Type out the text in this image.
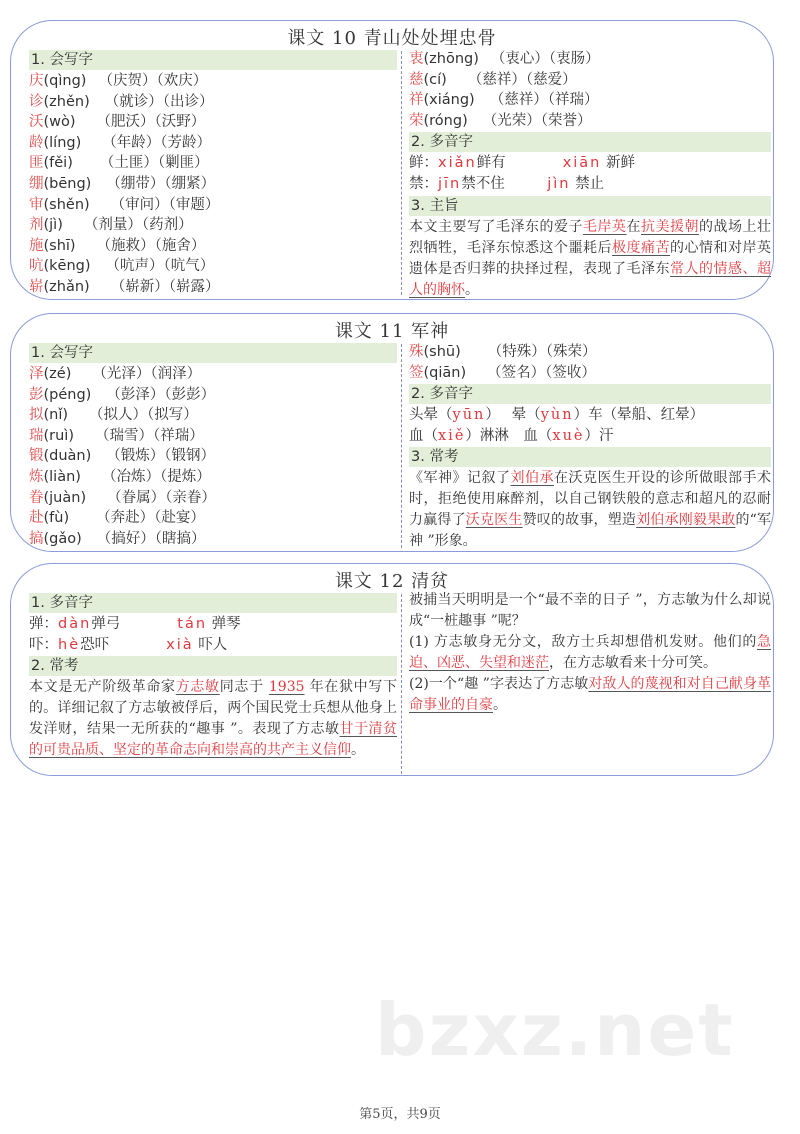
课文 10 青山处处埋忠骨
1. 会写字
庆(qìng) （庆贺）（欢庆）
诊(zhěn) （就诊）（出诊）
沃(wò) （肥沃）（沃野）
龄(líng) （年龄）（芳龄）
匪(fěi) （土匪）（剿匪）
绷(bēng) （绷带）（绷紧）
审(shěn) （审问）（审题）
剂(jì) （剂量）（药剂）
施(shī) （施救）（施舍）
吭(kēng) （吭声）（吭气）
崭(zhǎn) （崭新）（崭露）
衷(zhōng) （衷心）（衷肠）
慈(cí) （慈祥）（慈爱）
祥(xiáng) （慈祥）（祥瑞）
荣(róng) （光荣）（荣誉）
2. 多音字
鲜：xiǎn鲜有	xiān 新鲜
禁：jīn禁不住	jìn 禁止
3. 主旨
本文主要写了毛泽东的爱子毛岸英在抗美援朝的战场上壮烈牺牲，毛泽东惊悉这个噩耗后极度痛苦的心情和对岸英遗体是否归葬的抉择过程，表现了毛泽东常人的情感、超人的胸怀。
课文 11 军神
1. 会写字
泽(zé) （光泽）（润泽）
彭(péng) （彭泽）（彭彭）
拟(nǐ) （拟人）（拟写）
瑞(ruì) （瑞雪）（祥瑞）
锻(duàn) （锻炼）（锻钢）
炼(liàn) （冶炼）（提炼）
眷(juàn) （眷属）（亲眷）
赴(fù) （奔赴）（赴宴）
搞(gǎo) （搞好）（瞎搞）
殊(shū) （特殊）（殊荣）
签(qiān) （签名）（签收）
2. 多音字
头晕（yūn）　 晕（yùn）车（晕船、红晕）
血（xiě）淋淋　血（xuè）汗
3. 常考
《军神》记叙了刘伯承在沃克医生开设的诊所做眼部手术时，拒绝使用麻醉剂，以自己钢铁般的意志和超凡的忍耐力赢得了沃克医生赞叹的故事，塑造刘伯承刚毅果敢的“军神 ”形象。
课文 12 清贫
1. 多音字
弹：dàn弹弓	tán 弹琴
吓：hè恐吓	xià 吓人
2. 常考
本文是无产阶级革命家方志敏同志于 1935 年在狱中写下的。详细记叙了方志敏被俘后，两个国民党士兵想从他身上发洋财，结果一无所获的“趣事 ”。表现了方志敏甘于清贫的可贵品质、坚定的革命志向和崇高的共产主义信仰。
被捕当天明明是一个“最不幸的日子 ”，方志敏为什么却说成“一桩趣事 ”呢？
(1) 方志敏身无分文，敌方士兵却想借机发财。他们的急迫、凶恶、失望和迷茫，在方志敏看来十分可笑。
(2)一个“趣 ”字表达了方志敏对敌人的蔑视和对自己献身革命事业的自豪。
bzxz.net
第5页，共9页
